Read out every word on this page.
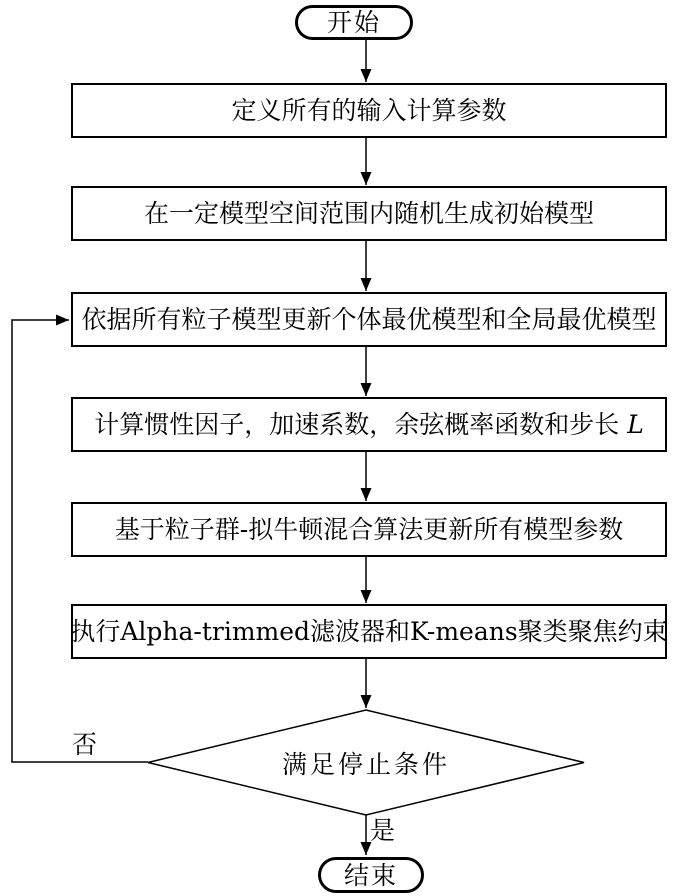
开始
定义所有的输入计算参数
在一定模型空间范围内随机生成初始模型
依据所有粒子模型更新个体最优模型和全局最优模型
计算惯性因子，加速系数，余弦概率函数和步长 L
基于粒子群-拟牛顿混合算法更新所有模型参数
执行Alpha-trimmed滤波器和K-means聚类聚焦约束
满足停止条件
否
是
结束
